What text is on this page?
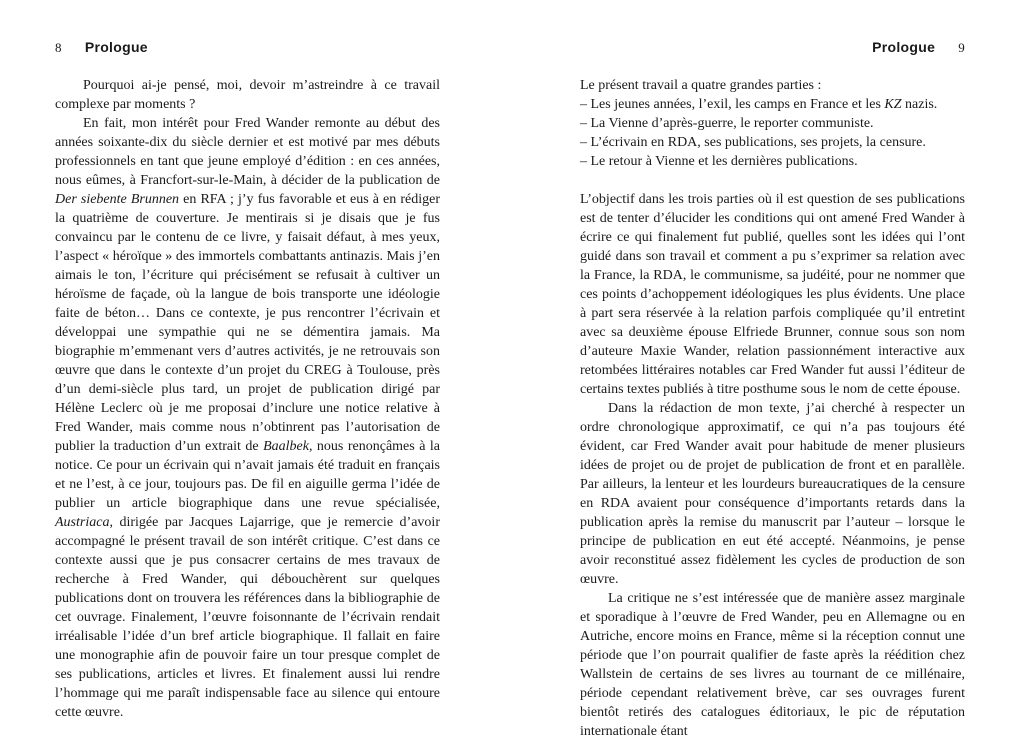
8 Prologue

Pourquoi ai-je pensé, moi, devoir m’astreindre à ce travail complexe par moments ?

En fait, mon intérêt pour Fred Wander remonte au début des années soixante-dix du siècle dernier et est motivé par mes débuts professionnels en tant que jeune employé d’édition : en ces années, nous eûmes, à Francfort-sur-le-Main, à décider de la publication de Der siebente Brunnen en RFA ; j’y fus favorable et eus à en rédiger la quatrième de couverture. Je mentirais si je disais que je fus convaincu par le contenu de ce livre, y faisait défaut, à mes yeux, l’aspect « héroïque » des immortels combattants antinazis. Mais j’en aimais le ton, l’écriture qui précisément se refusait à cultiver un héroïsme de façade, où la langue de bois transporte une idéologie faite de béton… Dans ce contexte, je pus rencontrer l’écrivain et développai une sympathie qui ne se démentira jamais. Ma biographie m’emmenant vers d’autres activités, je ne retrouvais son œuvre que dans le contexte d’un projet du CREG à Toulouse, près d’un demi-siècle plus tard, un projet de publication dirigé par Hélène Leclerc où je me proposai d’inclure une notice relative à Fred Wander, mais comme nous n’obtinrent pas l’autorisation de publier la traduction d’un extrait de Baalbek, nous renonçâmes à la notice. Ce pour un écrivain qui n’avait jamais été traduit en français et ne l’est, à ce jour, toujours pas. De fil en aiguille germa l’idée de publier un article biographique dans une revue spécialisée, Austriaca, dirigée par Jacques Lajarrige, que je remercie d’avoir accompagné le présent travail de son intérêt critique. C’est dans ce contexte aussi que je pus consacrer certains de mes travaux de recherche à Fred Wander, qui débouchèrent sur quelques publications dont on trouvera les références dans la bibliographie de cet ouvrage. Finalement, l’œuvre foisonnante de l’écrivain rendait irréalisable l’idée d’un bref article biographique. Il fallait en faire une monographie afin de pouvoir faire un tour presque complet de ses publications, articles et livres. Et finalement aussi lui rendre l’hommage qui me paraît indispensable face au silence qui entoure cette œuvre.

Prologue 9

Le présent travail a quatre grandes parties :

– Les jeunes années, l’exil, les camps en France et les KZ nazis.

– La Vienne d’après-guerre, le reporter communiste.

– L’écrivain en RDA, ses publications, ses projets, la censure.

– Le retour à Vienne et les dernières publications.

L’objectif dans les trois parties où il est question de ses publications est de tenter d’élucider les conditions qui ont amené Fred Wander à écrire ce qui finalement fut publié, quelles sont les idées qui l’ont guidé dans son travail et comment a pu s’exprimer sa relation avec la France, la RDA, le communisme, sa judéité, pour ne nommer que ces points d’achoppement idéologiques les plus évidents. Une place à part sera réservée à la relation parfois compliquée qu’il entretint avec sa deuxième épouse Elfriede Brunner, connue sous son nom d’auteure Maxie Wander, relation passionnément interactive aux retombées littéraires notables car Fred Wander fut aussi l’éditeur de certains textes publiés à titre posthume sous le nom de cette épouse.

Dans la rédaction de mon texte, j’ai cherché à respecter un ordre chronologique approximatif, ce qui n’a pas toujours été évident, car Fred Wander avait pour habitude de mener plusieurs idées de projet ou de projet de publication de front et en parallèle. Par ailleurs, la lenteur et les lourdeurs bureaucratiques de la censure en RDA avaient pour conséquence d’importants retards dans la publication après la remise du manuscrit par l’auteur – lorsque le principe de publication en eut été accepté. Néanmoins, je pense avoir reconstitué assez fidèlement les cycles de production de son œuvre.

La critique ne s’est intéressée que de manière assez marginale et sporadique à l’œuvre de Fred Wander, peu en Allemagne ou en Autriche, encore moins en France, même si la réception connut une période que l’on pourrait qualifier de faste après la réédition chez Wallstein de certains de ses livres au tournant de ce millénaire, période cependant relativement brève, car ses ouvrages furent bientôt retirés des catalogues éditoriaux, le pic de réputation internationale étant
